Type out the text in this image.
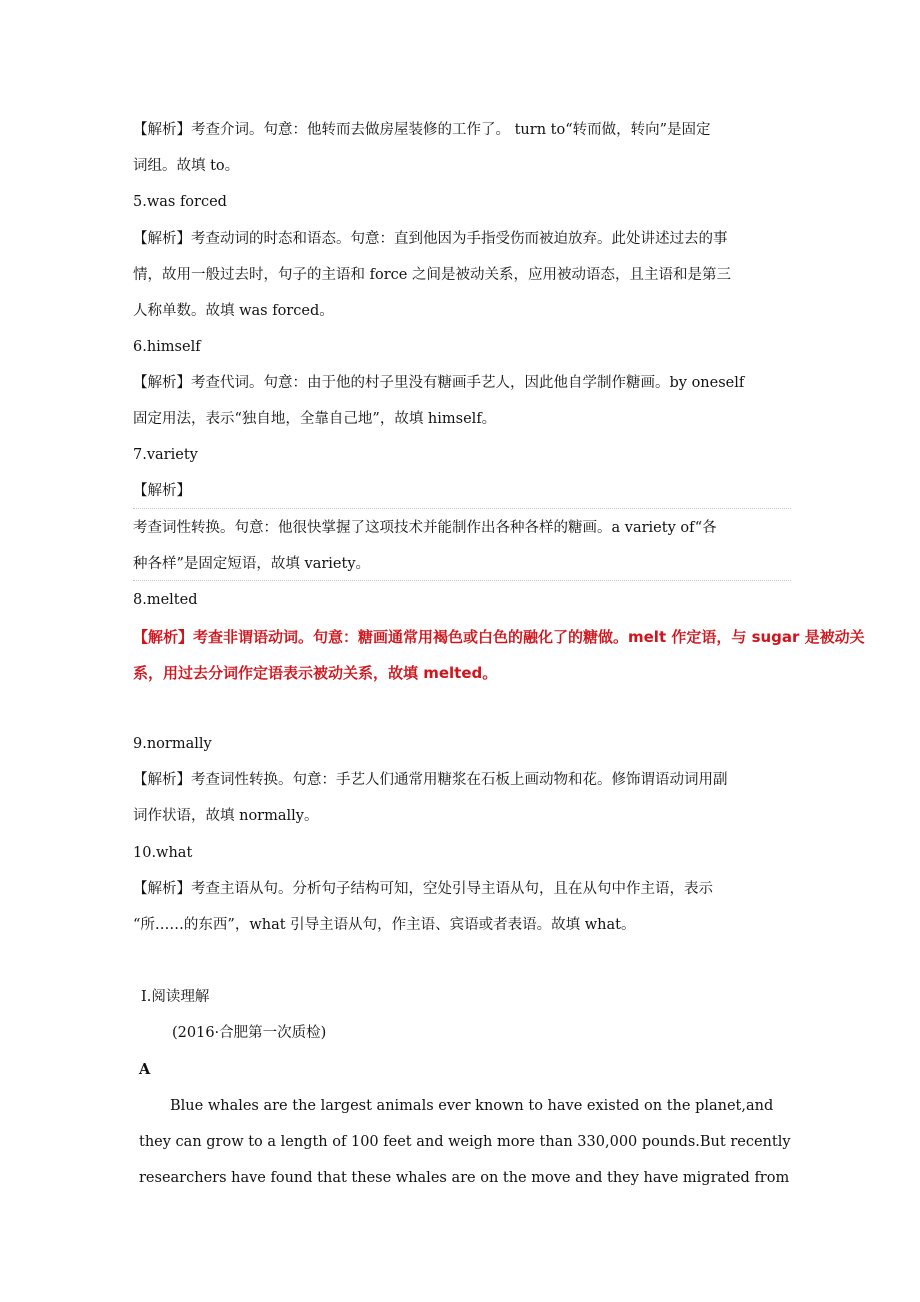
【解析】考查介词。句意：他转而去做房屋装修的工作了。 turn to“转而做，转向”是固定
词组。故填 to。
5.was forced
【解析】考查动词的时态和语态。句意：直到他因为手指受伤而被迫放弃。此处讲述过去的事
情，故用一般过去时，句子的主语和 force 之间是被动关系，应用被动语态，且主语和是第三
人称单数。故填 was forced。
6.himself
【解析】考查代词。句意：由于他的村子里没有糖画手艺人，因此他自学制作糖画。by oneself
固定用法，表示“独自地，全靠自己地”，故填 himself。
7.variety
【解析】
考查词性转换。句意：他很快掌握了这项技术并能制作出各种各样的糖画。a variety of“各
种各样”是固定短语，故填 variety。
8.melted
【解析】考查非谓语动词。句意：糖画通常用褐色或白色的融化了的糖做。melt 作定语，与 sugar 是被动关
系，用过去分词作定语表示被动关系，故填 melted。
9.normally
【解析】考查词性转换。句意：手艺人们通常用糖浆在石板上画动物和花。修饰谓语动词用副
词作状语，故填 normally。
10.what
【解析】考查主语从句。分析句子结构可知，空处引导主语从句，且在从句中作主语，表示
“所……的东西”，what 引导主语从句，作主语、宾语或者表语。故填 what。
Ⅰ.阅读理解
(2016·合肥第一次质检)
A
Blue whales are the largest animals ever known to have existed on the planet,and
they can grow to a length of 100 feet and weigh more than 330,000 pounds.But recently
researchers have found that these whales are on the move and they have migrated from
